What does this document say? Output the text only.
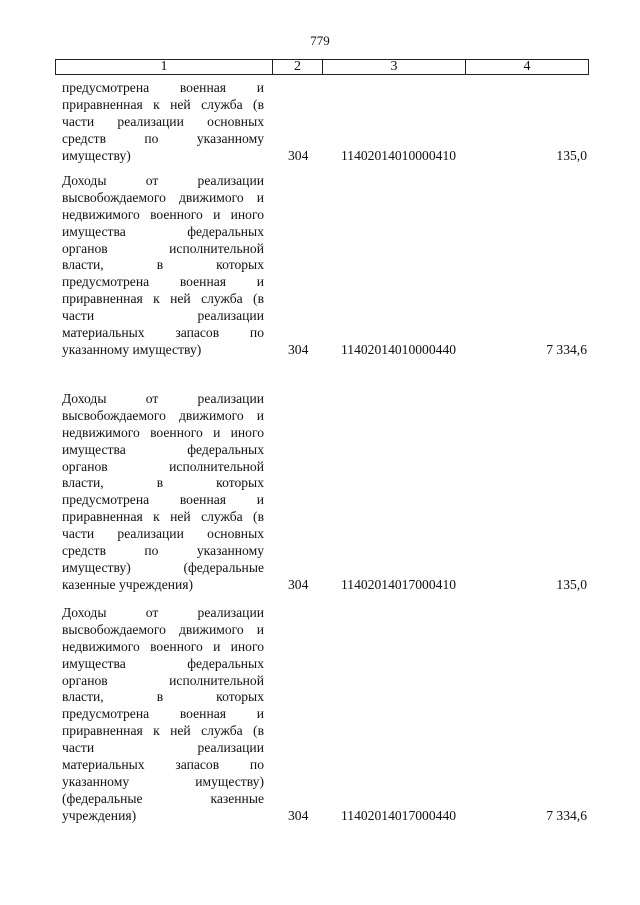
779
1	2	3	4
предусмотрена военная и
приравненная к ней служба (в
части реализации основных
средств по указанному
имуществу)	304 11402014010000410	135,0
Доходы от реализации
высвобождаемого движимого и
недвижимого военного и иного
имущества федеральных
органов исполнительной
власти, в которых
предусмотрена военная и
приравненная к ней служба (в
части реализации
материальных запасов по
указанному имуществу)	304 11402014010000440	7 334,6
Доходы от реализации
высвобождаемого движимого и
недвижимого военного и иного
имущества федеральных
органов исполнительной
власти, в которых
предусмотрена военная и
приравненная к ней служба (в
части реализации основных
средств по указанному
имуществу) (федеральные
казенные учреждения)	304 11402014017000410	135,0
Доходы от реализации
высвобождаемого движимого и
недвижимого военного и иного
имущества федеральных
органов исполнительной
власти, в которых
предусмотрена военная и
приравненная к ней служба (в
части реализации
материальных запасов по
указанному имуществу)
(федеральные казенные
учреждения)	304 11402014017000440	7 334,6
